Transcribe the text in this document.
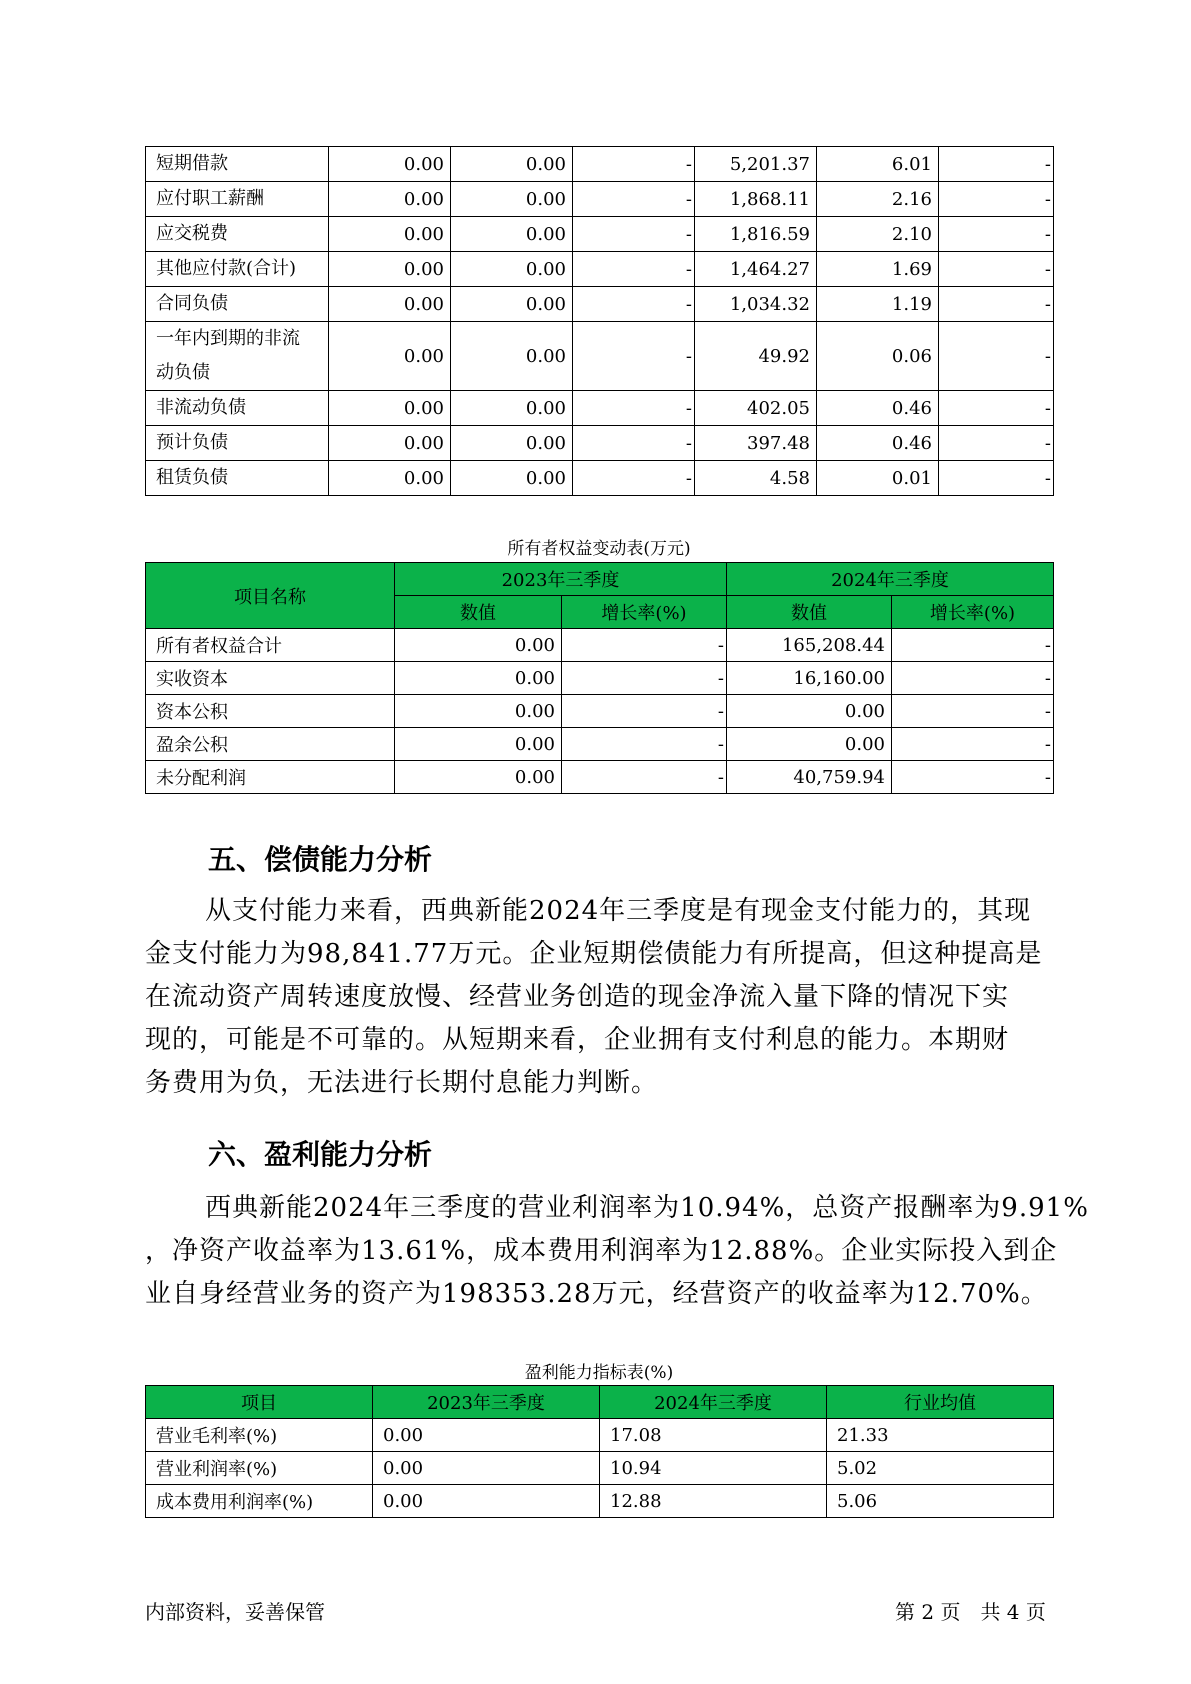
短期借款	0.00	0.00	-	5,201.37	6.01	-
应付职工薪酬	0.00	0.00	-	1,868.11	2.16	-
应交税费	0.00	0.00	-	1,816.59	2.10	-
其他应付款(合计)	0.00	0.00	-	1,464.27	1.69	-
合同负债	0.00	0.00	-	1,034.32	1.19	-

一年内到期的非流
动负债	0.00	0.00	-	49.92	0.06	-
非流动负债	0.00	0.00	-	402.05	0.46	-
预计负债	0.00	0.00	-	397.48	0.46	-
租赁负债	0.00	0.00	-	4.58	0.01	-
所有者权益变动表(万元)
项目名称	2023年三季度		2024年三季度	
	数值	增长率(%)	数值	增长率(%)
所有者权益合计	0.00	-	165,208.44	-
实收资本	0.00	-	16,160.00	-
资本公积	0.00	-	0.00	-
盈余公积	0.00	-	0.00	-
未分配利润	0.00	-	40,759.94	-
五、偿债能力分析

从支付能力来看，西典新能2024年三季度是有现金支付能力的，其现
金支付能力为98,841.77万元。企业短期偿债能力有所提高，但这种提高是
在流动资产周转速度放慢、经营业务创造的现金净流入量下降的情况下实
现的，可能是不可靠的。从短期来看，企业拥有支付利息的能力。本期财
务费用为负，无法进行长期付息能力判断。

六、盈利能力分析

西典新能2024年三季度的营业利润率为10.94%，总资产报酬率为9.91%
，净资产收益率为13.61%，成本费用利润率为12.88%。企业实际投入到企
业自身经营业务的资产为198353.28万元，经营资产的收益率为12.70%。

盈利能力指标表(%)
项目	2023年三季度	2024年三季度	行业均值
营业毛利率(%)	0.00	17.08	21.33
营业利润率(%)	0.00	10.94	5.02
成本费用利润率(%)	0.00	12.88	5.06
内部资料，妥善保管	第 2 页　共 4 页
